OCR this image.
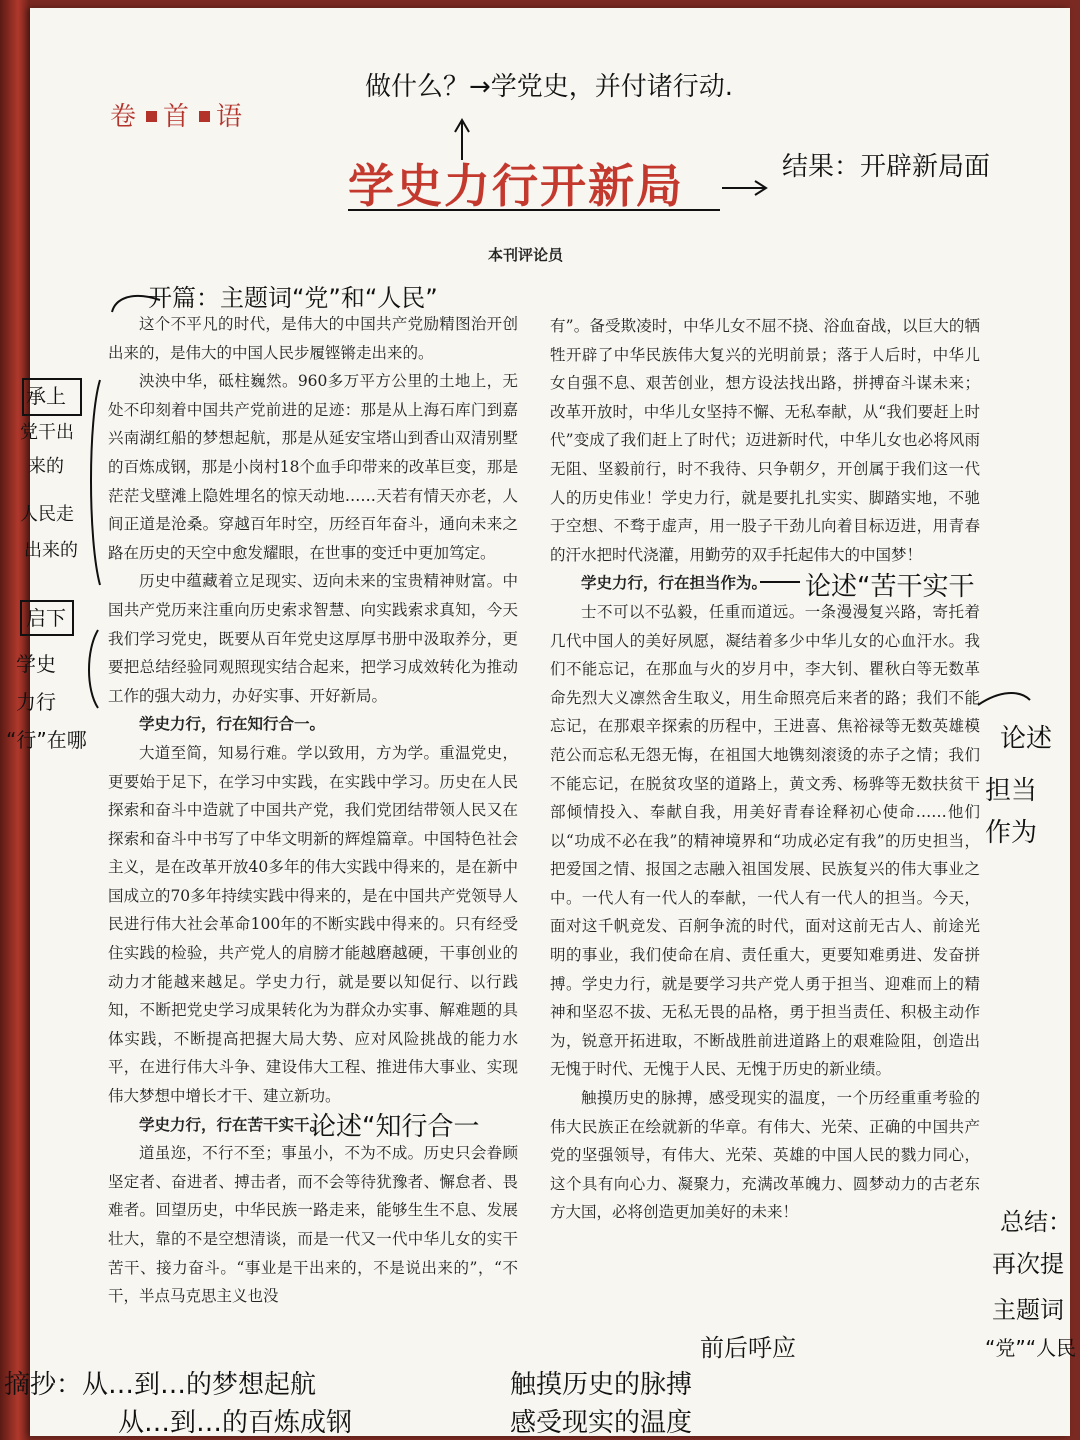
卷 首 语
学史力行开新局
本刊评论员

这个不平凡的时代，是伟大的中国共产党励精图治开创出来的，是伟大的中国人民步履铿锵走出来的。

泱泱中华，砥柱巍然。960多万平方公里的土地上，无处不印刻着中国共产党前进的足迹：那是从上海石库门到嘉兴南湖红船的梦想起航，那是从延安宝塔山到香山双清别墅的百炼成钢，那是小岗村18个血手印带来的改革巨变，那是茫茫戈壁滩上隐姓埋名的惊天动地……天若有情天亦老，人间正道是沧桑。穿越百年时空，历经百年奋斗，通向未来之路在历史的天空中愈发耀眼，在世事的变迁中更加笃定。

历史中蕴藏着立足现实、迈向未来的宝贵精神财富。中国共产党历来注重向历史索求智慧、向实践索求真知，今天我们学习党史，既要从百年党史这厚厚书册中汲取养分，更要把总结经验同观照现实结合起来，把学习成效转化为推动工作的强大动力，办好实事、开好新局。

学史力行，行在知行合一。

大道至简，知易行难。学以致用，方为学。重温党史，更要始于足下，在学习中实践，在实践中学习。历史在人民探索和奋斗中造就了中国共产党，我们党团结带领人民又在探索和奋斗中书写了中华文明新的辉煌篇章。中国特色社会主义，是在改革开放40多年的伟大实践中得来的，是在新中国成立的70多年持续实践中得来的，是在中国共产党领导人民进行伟大社会革命100年的不断实践中得来的。只有经受住实践的检验，共产党人的肩膀才能越磨越硬，干事创业的动力才能越来越足。学史力行，就是要以知促行、以行践知，不断把党史学习成果转化为为群众办实事、解难题的具体实践，不断提高把握大局大势、应对风险挑战的能力水平，在进行伟大斗争、建设伟大工程、推进伟大事业、实现伟大梦想中增长才干、建立新功。

学史力行，行在苦干实干。

道虽迩，不行不至；事虽小，不为不成。历史只会眷顾坚定者、奋进者、搏击者，而不会等待犹豫者、懈怠者、畏难者。回望历史，中华民族一路走来，能够生生不息、发展壮大，靠的不是空想清谈，而是一代又一代中华儿女的实干苦干、接力奋斗。“事业是干出来的，不是说出来的”，“不干，半点马克思主义也没

有”。备受欺凌时，中华儿女不屈不挠、浴血奋战，以巨大的牺牲开辟了中华民族伟大复兴的光明前景；落于人后时，中华儿女自强不息、艰苦创业，想方设法找出路，拼搏奋斗谋未来；改革开放时，中华儿女坚持不懈、无私奉献，从“我们要赶上时代”变成了我们赶上了时代；迈进新时代，中华儿女也必将风雨无阻、坚毅前行，时不我待、只争朝夕，开创属于我们这一代人的历史伟业！学史力行，就是要扎扎实实、脚踏实地，不驰于空想、不骛于虚声，用一股子干劲儿向着目标迈进，用青春的汗水把时代浇灌，用勤劳的双手托起伟大的中国梦！

学史力行，行在担当作为。

士不可以不弘毅，任重而道远。一条漫漫复兴路，寄托着几代中国人的美好夙愿，凝结着多少中华儿女的心血汗水。我们不能忘记，在那血与火的岁月中，李大钊、瞿秋白等无数革命先烈大义凛然舍生取义，用生命照亮后来者的路；我们不能忘记，在那艰辛探索的历程中，王进喜、焦裕禄等无数英雄模范公而忘私无怨无悔，在祖国大地镌刻滚烫的赤子之情；我们不能忘记，在脱贫攻坚的道路上，黄文秀、杨骅等无数扶贫干部倾情投入、奉献自我，用美好青春诠释初心使命……他们以“功成不必在我”的精神境界和“功成必定有我”的历史担当，把爱国之情、报国之志融入祖国发展、民族复兴的伟大事业之中。一代人有一代人的奉献，一代人有一代人的担当。今天，面对这千帆竞发、百舸争流的时代，面对这前无古人、前途光明的事业，我们使命在肩、责任重大，更要知难勇进、发奋拼搏。学史力行，就是要学习共产党人勇于担当、迎难而上的精神和坚忍不拔、无私无畏的品格，勇于担当责任、积极主动作为，锐意开拓进取，不断战胜前进道路上的艰难险阻，创造出无愧于时代、无愧于人民、无愧于历史的新业绩。

触摸历史的脉搏，感受现实的温度，一个历经重重考验的伟大民族正在绘就新的华章。有伟大、光荣、正确的中国共产党的坚强领导，有伟大、光荣、英雄的中国人民的戮力同心，这个具有向心力、凝聚力，充满改革魄力、圆梦动力的古老东方大国，必将创造更加美好的未来！

做什么？→学党史，并付诸行动.
结果：开辟新局面
开篇：主题词“党”和“人民”
承上
党干出
来的
人民走
出来的
启下
学史
力行
“行”在哪
论述“苦干实干
论述“知行合一
论述
担当
作为
总结：
再次提
主题词
“党”“人民
前后呼应
摘抄：从…到…的梦想起航
从…到…的百炼成钢
触摸历史的脉搏
感受现实的温度
